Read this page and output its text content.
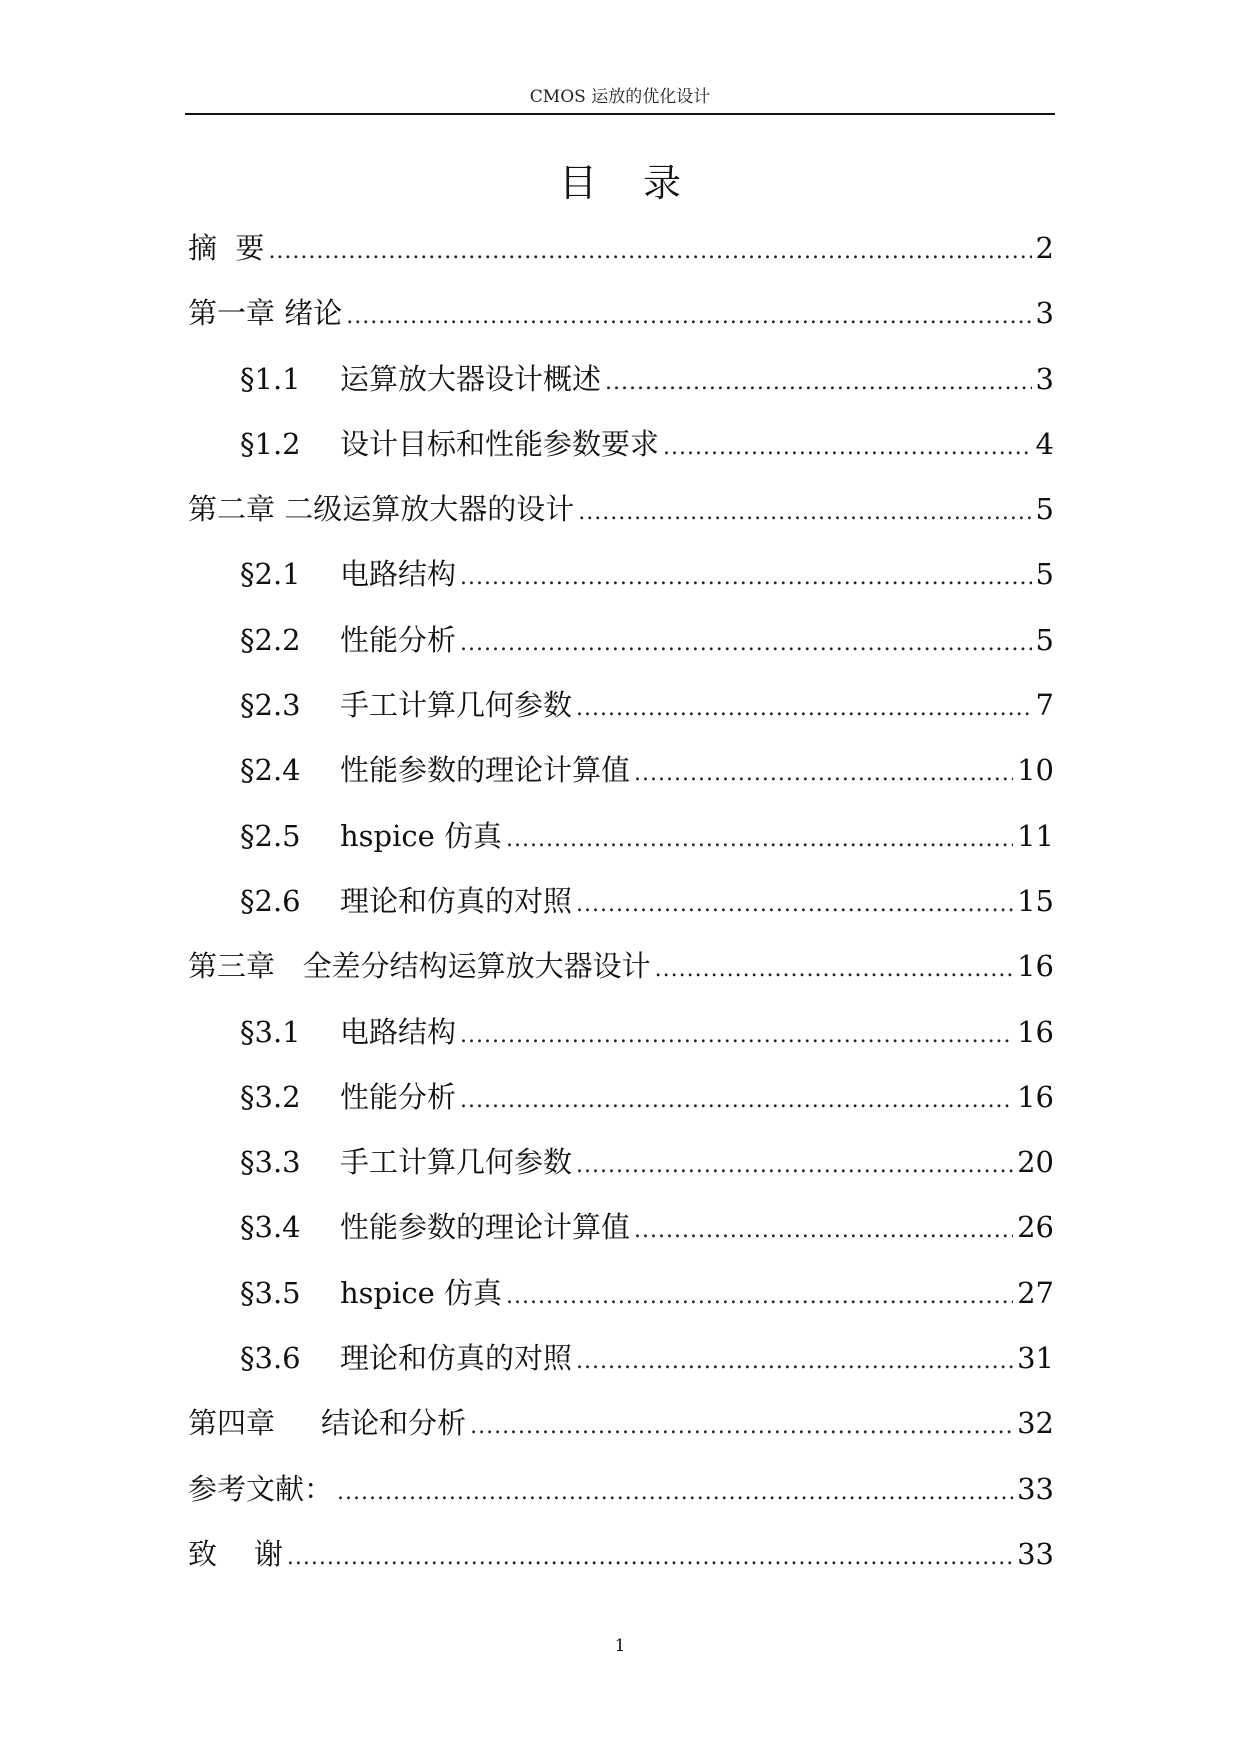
CMOS 运放的优化设计
目录
摘  要 .....	2
第一章 绪论 .....	3
§1.1 运算放大器设计概述 .....	3
§1.2 设计目标和性能参数要求 .....	4
第二章 二级运算放大器的设计 .....	5
§2.1 电路结构 .....	5
§2.2 性能分析 .....	5
§2.3 手工计算几何参数 .....	7
§2.4 性能参数的理论计算值 .....	10
§2.5 hspice 仿真 .....	11
§2.6 理论和仿真的对照 .....	15
第三章   全差分结构运算放大器设计 .....	16
§3.1 电路结构 .....	16
§3.2 性能分析 .....	16
§3.3 手工计算几何参数 .....	20
§3.4 性能参数的理论计算值 .....	26
§3.5 hspice 仿真 .....	27
§3.6 理论和仿真的对照 .....	31
第四章     结论和分析 .....	32
参考文献： .....	33
致    谢 .....	33
1
